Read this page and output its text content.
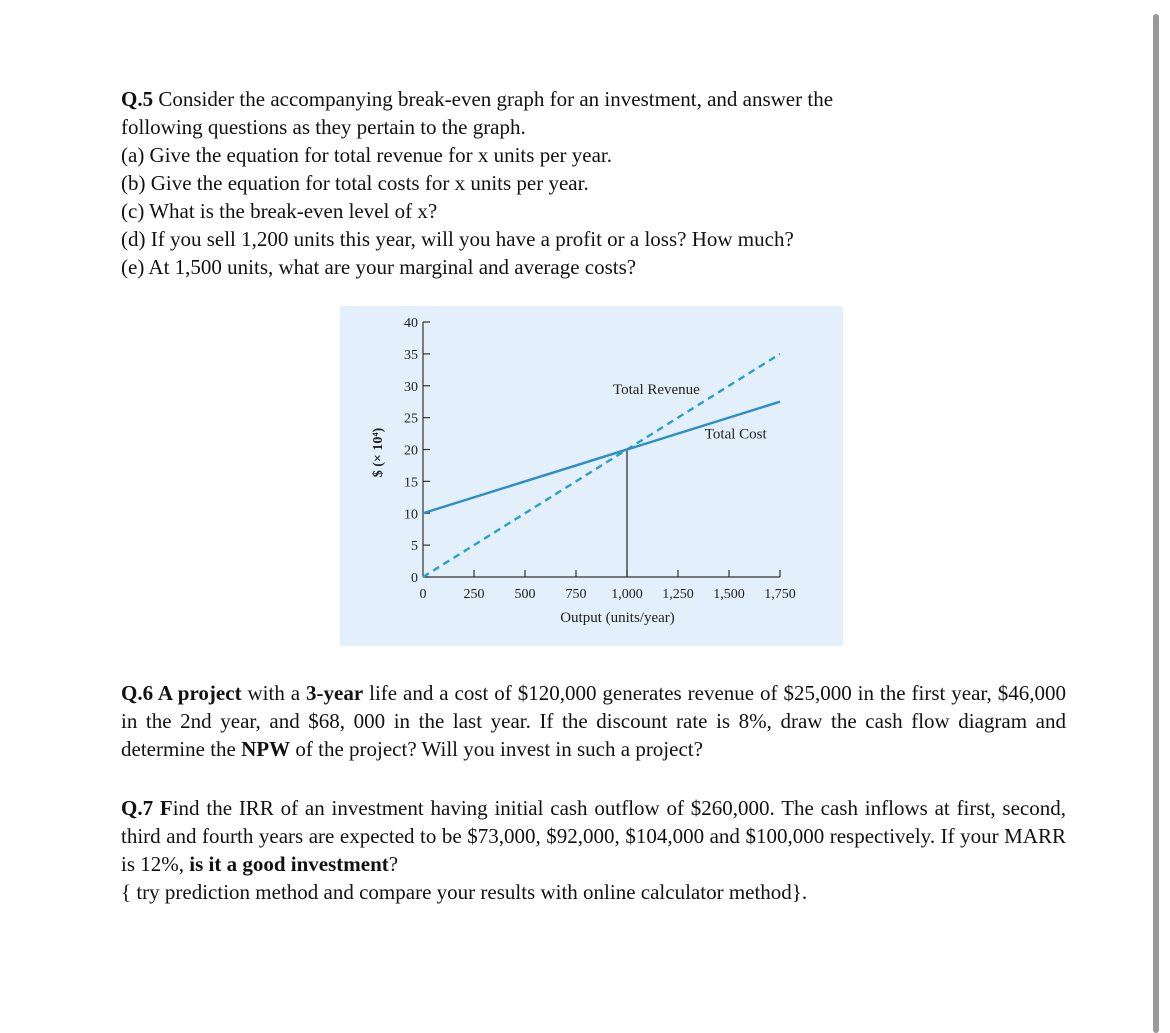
Q.5 Consider the accompanying break-even graph for an investment, and answer the
following questions as they pertain to the graph.
(a) Give the equation for total revenue for x units per year.
(b) Give the equation for total costs for x units per year.
(c) What is the break-even level of x?
(d) If you sell 1,200 units this year, will you have a profit or a loss? How much?
(e) At 1,500 units, what are your marginal and average costs?
0
5
10
15
20
25
30
35
40
0	250 500 750 1,000 1,250 1,500 1,750
Total Revenue
Total Cost
Output (units/year)
$ (× 10⁴)
Q.6 A project with a 3-year life and a cost of $120,000 generates revenue of $25,000 in the first year, $46,000 in the 2nd year, and $68, 000 in the last year. If the discount rate is 8%, draw the cash flow diagram and determine the NPW of the project? Will you invest in such a project?
Q.7 Find the IRR of an investment having initial cash outflow of $260,000. The cash inflows at first, second, third and fourth years are expected to be $73,000, $92,000, $104,000 and $100,000 respectively. If your MARR is 12%, is it a good investment?
{ try prediction method and compare your results with online calculator method}.
